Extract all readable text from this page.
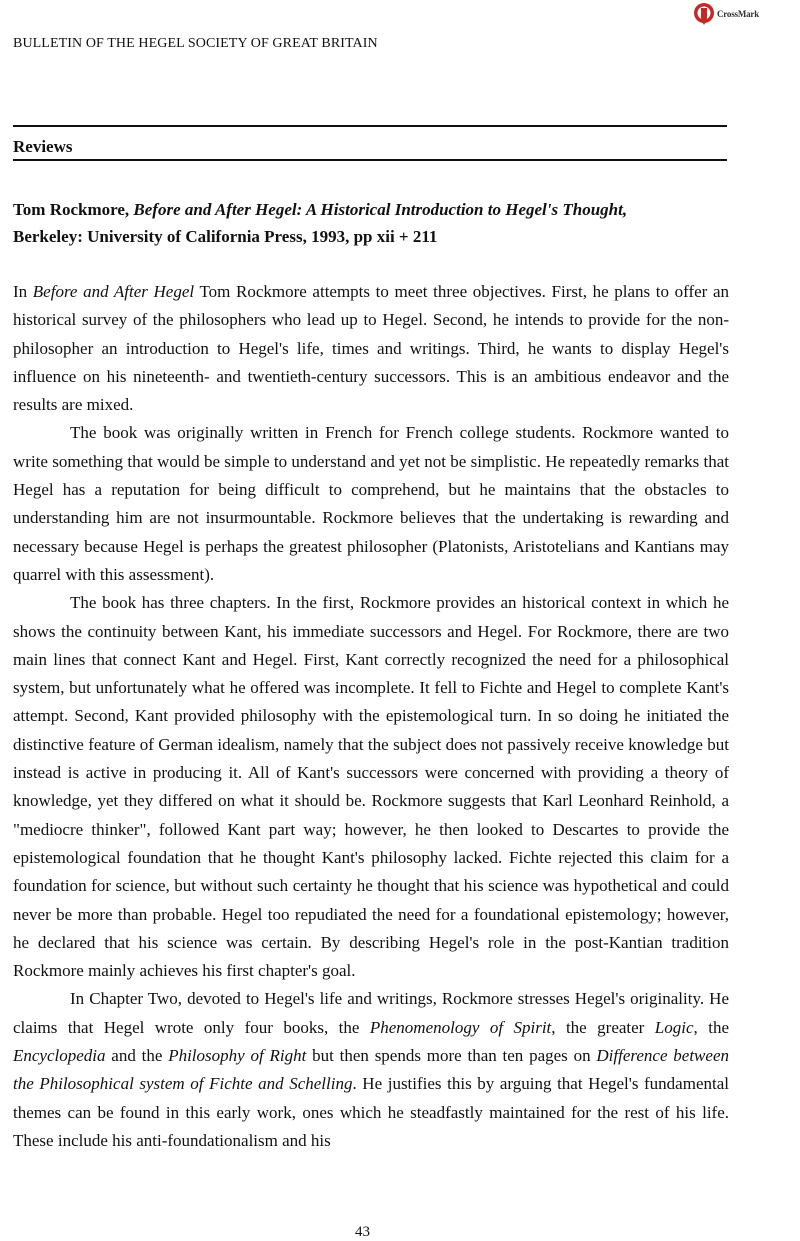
CrossMark
BULLETIN OF THE HEGEL SOCIETY OF GREAT BRITAIN
Reviews
Tom Rockmore, Before and After Hegel: A Historical Introduction to Hegel's Thought,
Berkeley: University of California Press, 1993, pp xii + 211

In Before and After Hegel Tom Rockmore attempts to meet three objectives. First, he plans to offer an historical survey of the philosophers who lead up to Hegel. Second, he intends to provide for the non-philosopher an introduction to Hegel's life, times and writings. Third, he wants to display Hegel's influence on his nineteenth- and twentieth-century successors. This is an ambitious endeavor and the results are mixed.

The book was originally written in French for French college students. Rockmore wanted to write something that would be simple to understand and yet not be simplistic. He repeatedly remarks that Hegel has a reputation for being difficult to comprehend, but he maintains that the obstacles to understanding him are not insurmountable. Rockmore believes that the undertaking is rewarding and necessary because Hegel is perhaps the greatest philosopher (Platonists, Aristotelians and Kantians may quarrel with this assessment).

The book has three chapters. In the first, Rockmore provides an historical context in which he shows the continuity between Kant, his immediate successors and Hegel. For Rockmore, there are two main lines that connect Kant and Hegel. First, Kant correctly recognized the need for a philosophical system, but unfortunately what he offered was incomplete. It fell to Fichte and Hegel to complete Kant's attempt. Second, Kant provided philosophy with the epistemological turn. In so doing he initiated the distinctive feature of German idealism, namely that the subject does not passively receive knowledge but instead is active in producing it. All of Kant's successors were concerned with providing a theory of knowledge, yet they differed on what it should be. Rockmore suggests that Karl Leonhard Reinhold, a "mediocre thinker", followed Kant part way; however, he then looked to Descartes to provide the epistemological foundation that he thought Kant's philosophy lacked. Fichte rejected this claim for a foundation for science, but without such certainty he thought that his science was hypothetical and could never be more than probable. Hegel too repudiated the need for a foundational epistemology; however, he declared that his science was certain. By describing Hegel's role in the post-Kantian tradition Rockmore mainly achieves his first chapter's goal.

In Chapter Two, devoted to Hegel's life and writings, Rockmore stresses Hegel's originality. He claims that Hegel wrote only four books, the Phenomenology of Spirit, the greater Logic, the Encyclopedia and the Philosophy of Right but then spends more than ten pages on Difference between the Philosophical system of Fichte and Schelling. He justifies this by arguing that Hegel's fundamental themes can be found in this early work, ones which he steadfastly maintained for the rest of his life. These include his anti-foundationalism and his

43
